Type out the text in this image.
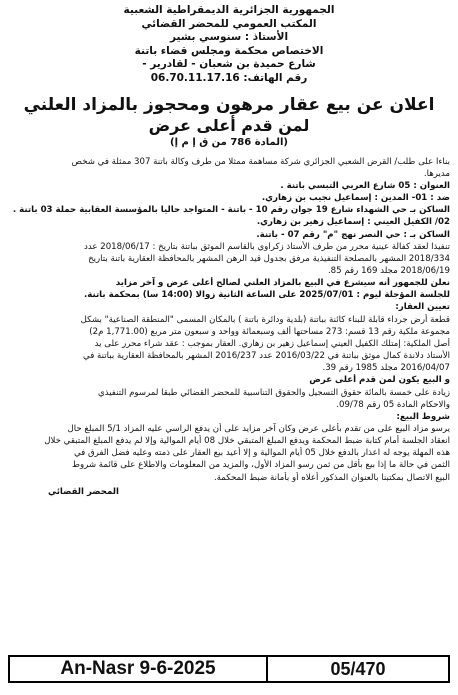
الجمهورية الجزائرية الديمقراطية الشعبية
المكتب العمومي للمحضر القضائي
الأستاذ : سنوسي بشير
الاختصاص محكمة ومجلس قضاء باتنة
شارع حميدة بن شعبان - لقادرير -
رقم الهاتف: 06.70.11.17.16
اعلان عن بيع عقار مرهون ومحجوز بالمزاد العلني
لمن قدم أعلى عرض
(المادة 786 من ق إ م إ)
بناءا على طلب/ القرض الشعبي الجزائري شركة مساهمة ممثلا من طرف وكالة باتنة 307 ممثلة في شخص
مديرها.
العنوان : 05 شارع العربي التبسي باتنة .
ضد : 01- المدين : إسماعيل نجيب بن زهاري.
الساكن بـ حي الشهداء شارع 19 جوان رقم 10 - باتنة - المتواجد حاليا بالمؤسسة العقابية حملة 03 باتنة .
02/ الكفيل العيني : إسماعيل زهير بن زهاري.
الساكن بـ : حي النصر نهج "م" رقم 07 - باتنة.
تنفيذا لعقد كفالة عينية محرر من طرف الأستاذ زكراوي بالقاسم الموثق بباتنة بتاريخ : 2018/06/17 عدد
2018/334 المشهر بالمصلحة التنفيذية مرفق بجدول قيد الرهن المشهر بالمحافظة العقارية باتنة بتاريخ
2018/06/19 مجلد 169 رقم 85.
نعلن للجمهور أنه سيشرع في البيع بالمزاد العلني لصالح أعلى عرض و آخر مزايد
للجلسة المؤجلة ليوم : 2025/07/01 على الساعة الثانية زوالا (14:00 سا) بمحكمة باتنة.
تعيين العقار:
قطعة أرض جرداء قابلة للبناء كائنة بباتنة (بلدية ودائرة باتنة ) بالمكان المسمى "المنطقة الصناعية" بشكل
مجموعة ملكية رقم 13 قسم: 273 مساحتها ألف وسبعمائة وواحد و سبعون متر مربع (1,771.00 م2)
أصل الملكية: إمتلك الكفيل العيني إسماعيل زهير بن زهاري. العقار بموجب : عقد شراء محرر على يد
الأستاذ دلاندة كمال موثق بباتنة في 2016/03/22 عدد 2016/237 المشهر بالمحافظة العقارية بباتنة في
2016/04/07 مجلد 1985 رقم 39.
و البيع يكون لمن قدم أعلى عرض
زيادة على خمسة بالمائة حقوق التسجيل والحقوق التناسبية للمحضر القضائي طبقا لمرسوم التنفيذي
والاحكام المادة 05 رقم 09/78.
شروط البيع:
يرسو مزاد البيع على من تقدم بأعلى عرض وكان آخر مزايد على أن يدفع الراسي عليه المزاد 5/1 المبلغ حال
انعقاد الجلسة أمام كتابة ضبط المحكمة ويدفع المبلغ المتبقي خلال 08 أيام الموالية وإلا لم يدفع المبلغ المتبقي خلال
هذه المهلة يوجه له اعذار بالدفع خلال 05 أيام الموالية و إلا أعيد بيع العقار على ذمته وعليه فضل الفرق في
الثمن في حالة ما إذا بيع بأقل من ثمن رسو المزاد الأول، والمزيد من المعلومات والاطلاع على قائمة شروط
البيع الاتصال بمكتبنا بالعنوان المذكور أعلاه أو بأمانة ضبط المحكمة.
المحضر القضائي
An-Nasr 9-6-2025	05/470
